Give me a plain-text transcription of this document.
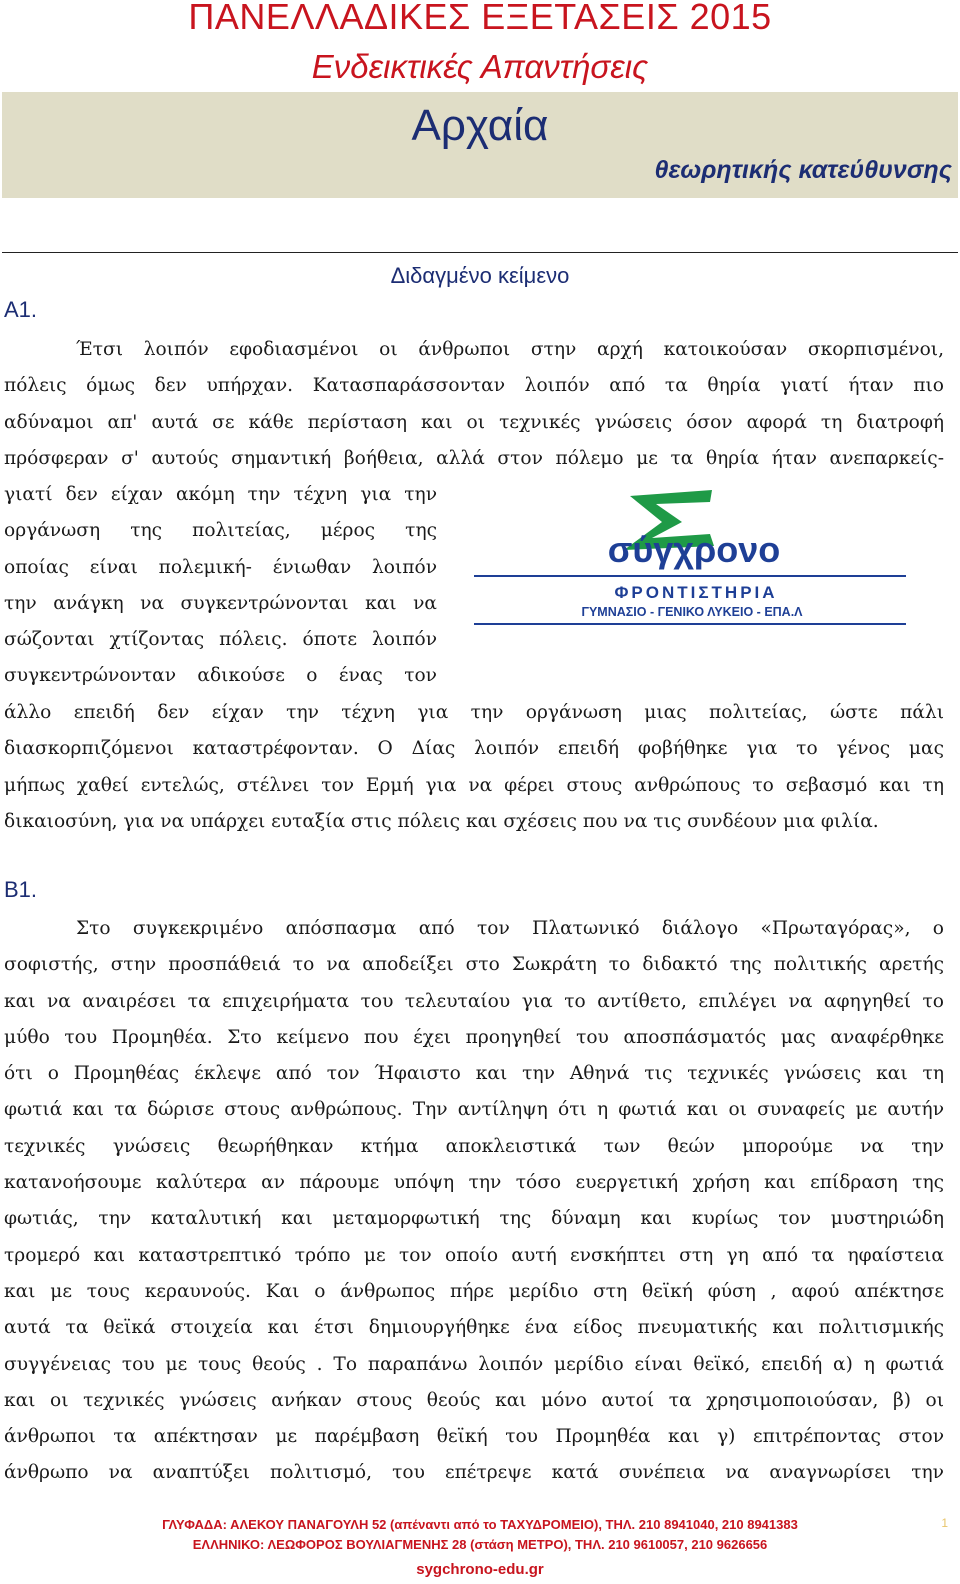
ΠΑΝΕΛΛΑΔΙΚΕΣ ΕΞΕΤΑΣΕΙΣ 2015
Ενδεικτικές Απαντήσεις
Αρχαία
θεωρητικής κατεύθυνσης
Διδαγμένο κείμενο
Α1.
Έτσι λοιπόν εφοδιασμένοι οι άνθρωποι στην αρχή κατοικούσαν σκορπισμένοι,
πόλεις όμως δεν υπήρχαν. Κατασπαράσσονταν λοιπόν από τα θηρία γιατί ήταν πιο
αδύναμοι απ' αυτά σε κάθε περίσταση και οι τεχνικές γνώσεις όσον αφορά τη διατροφή
πρόσφεραν σ' αυτούς σημαντική βοήθεια, αλλά στον πόλεμο με τα θηρία ήταν ανεπαρκείς-
γιατί δεν είχαν ακόμη την τέχνη για την
οργάνωση της πολιτείας, μέρος της
οποίας είναι πολεμική- ένιωθαν λοιπόν
την ανάγκη να συγκεντρώνονται και να
σώζονται χτίζοντας πόλεις. όποτε λοιπόν
συγκεντρώνονταν αδικούσε ο ένας τον
άλλο επειδή δεν είχαν την τέχνη για την οργάνωση μιας πολιτείας, ώστε πάλι
διασκορπιζόμενοι καταστρέφονταν. Ο Δίας λοιπόν επειδή φοβήθηκε για το γένος μας
μήπως χαθεί εντελώς, στέλνει τον Ερμή για να φέρει στους ανθρώπους το σεβασμό και τη
δικαιοσύνη, για να υπάρχει ευταξία στις πόλεις και σχέσεις που να τις συνδέουν μια φιλία.
σύγχρονο
ΦΡΟΝΤΙΣΤΗΡΙΑ
ΓΥΜΝΑΣΙΟ - ΓΕΝΙΚΟ ΛΥΚΕΙΟ - ΕΠΑ.Λ
Β1.
Στο συγκεκριμένο απόσπασμα από τον Πλατωνικό διάλογο «Πρωταγόρας», ο
σοφιστής, στην προσπάθειά το να αποδείξει στο Σωκράτη το διδακτό της πολιτικής αρετής
και να αναιρέσει τα επιχειρήματα του τελευταίου για το αντίθετο, επιλέγει να αφηγηθεί το
μύθο του Προμηθέα. Στο κείμενο που έχει προηγηθεί του αποσπάσματός μας αναφέρθηκε
ότι ο Προμηθέας έκλεψε από τον Ήφαιστο και την Αθηνά τις τεχνικές γνώσεις και τη
φωτιά και τα δώρισε στους ανθρώπους. Την αντίληψη ότι η φωτιά και οι συναφείς με αυτήν
τεχνικές γνώσεις θεωρήθηκαν κτήμα αποκλειστικά των θεών μπορούμε να την
κατανοήσουμε καλύτερα αν πάρουμε υπόψη την τόσο ευεργετική χρήση και επίδραση της
φωτιάς, την καταλυτική και μεταμορφωτική της δύναμη και κυρίως τον μυστηριώδη
τρομερό και καταστρεπτικό τρόπο με τον οποίο αυτή ενσκήπτει στη γη από τα ηφαίστεια
και με τους κεραυνούς. Και ο άνθρωπος πήρε μερίδιο στη θεϊκή φύση , αφού απέκτησε
αυτά τα θεϊκά στοιχεία και έτσι δημιουργήθηκε ένα είδος πνευματικής και πολιτισμικής
συγγένειας του με τους θεούς . Το παραπάνω λοιπόν μερίδιο είναι θεϊκό, επειδή α) η φωτιά
και οι τεχνικές γνώσεις ανήκαν στους θεούς και μόνο αυτοί τα χρησιμοποιούσαν, β) οι
άνθρωποι τα απέκτησαν με παρέμβαση θεϊκή του Προμηθέα και γ) επιτρέποντας στον
άνθρωπο να αναπτύξει πολιτισμό, του επέτρεψε κατά συνέπεια να αναγνωρίσει την

ΓΛΥΦΑΔΑ: ΑΛΕΚΟΥ ΠΑΝΑΓΟΥΛΗ 52 (απέναντι από το ΤΑΧΥΔΡΟΜΕΙΟ), ΤΗΛ. 210 8941040, 210 8941383

ΕΛΛΗΝΙΚΟ: ΛΕΩΦΟΡΟΣ ΒΟΥΛΙΑΓΜΕΝΗΣ 28 (στάση ΜΕΤΡΟ), ΤΗΛ. 210 9610057, 210 9626656

sygchrono-edu.gr

1
